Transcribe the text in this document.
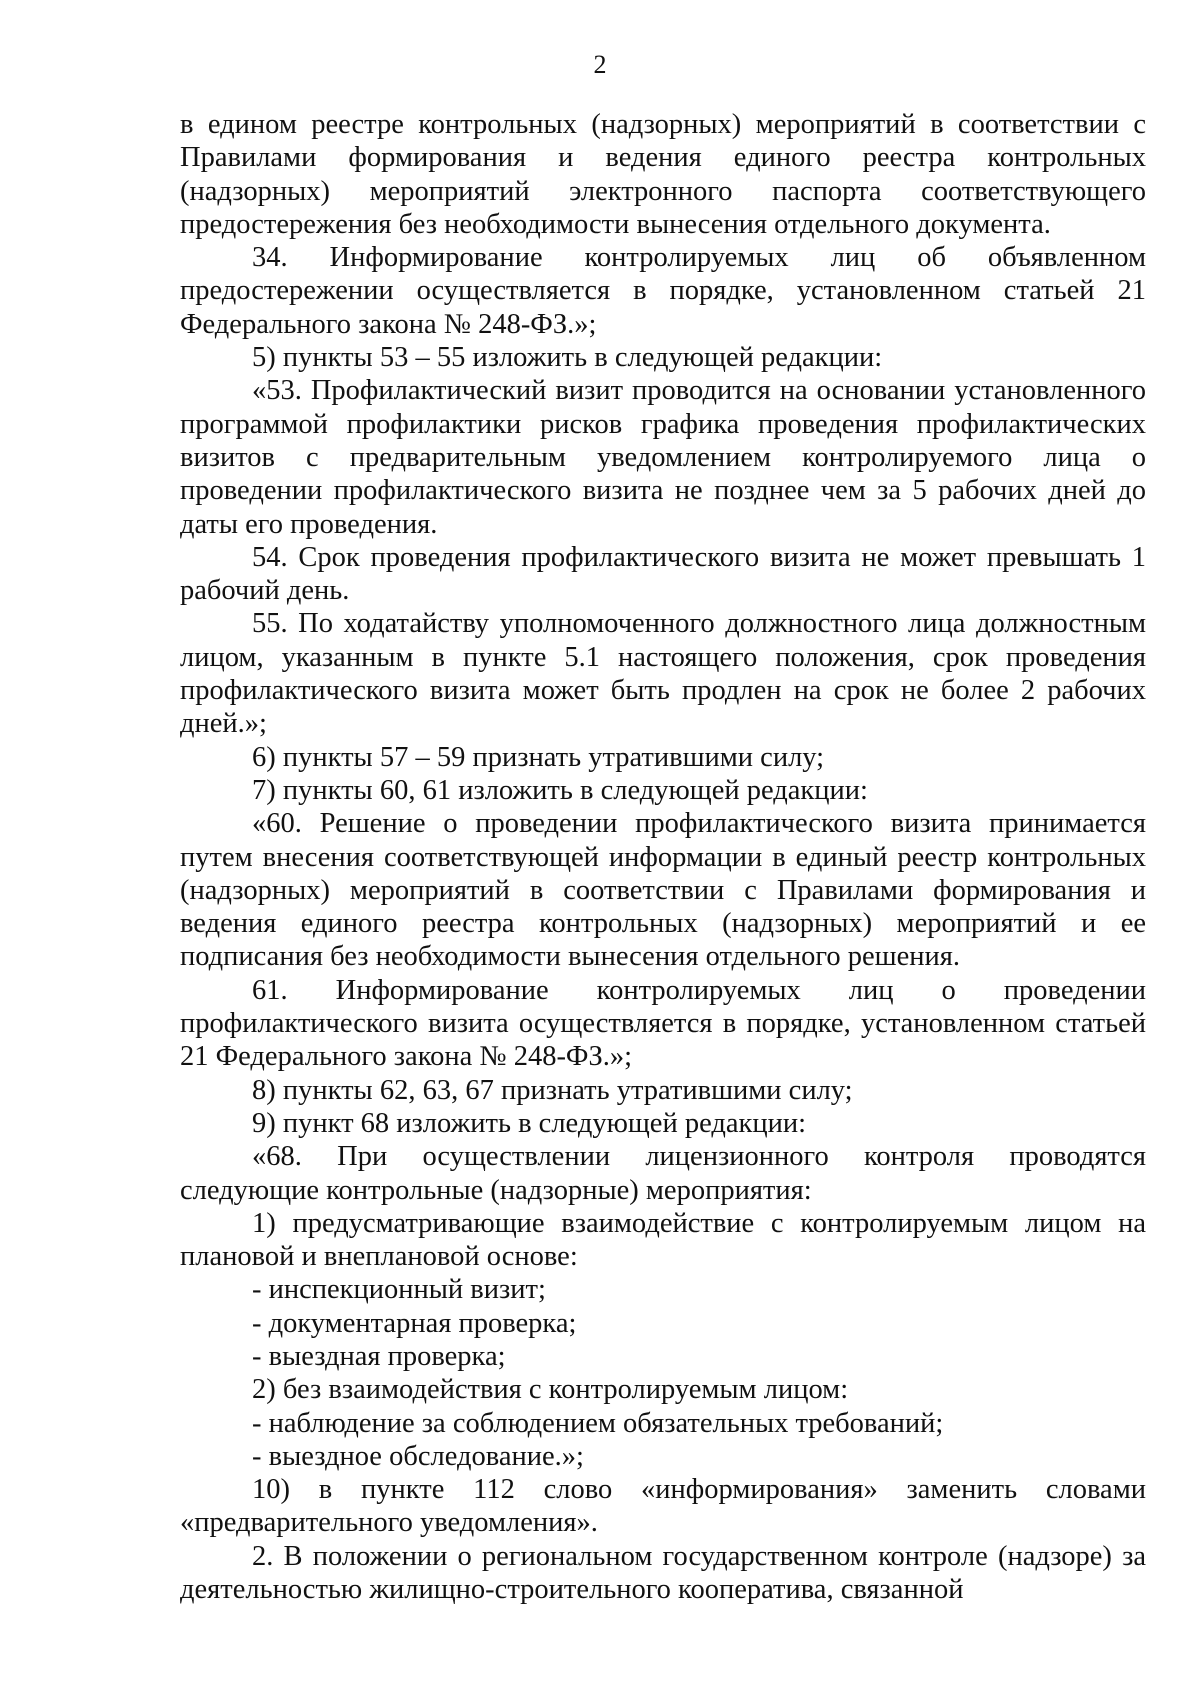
2

в едином реестре контрольных (надзорных) мероприятий в соответствии с Правилами формирования и ведения единого реестра контрольных (надзорных) мероприятий электронного паспорта соответствующего предостережения без необходимости вынесения отдельного документа.

34. Информирование контролируемых лиц об объявленном предостережении осуществляется в порядке, установленном статьей 21 Федерального закона № 248-ФЗ.»;

5) пункты 53 – 55 изложить в следующей редакции:

«53. Профилактический визит проводится на основании установленного программой профилактики рисков графика проведения профилактических визитов с предварительным уведомлением контролируемого лица о проведении профилактического визита не позднее чем за 5 рабочих дней до даты его проведения.

54. Срок проведения профилактического визита не может превышать 1 рабочий день.

55. По ходатайству уполномоченного должностного лица должностным лицом, указанным в пункте 5.1 настоящего положения, срок проведения профилактического визита может быть продлен на срок не более 2 рабочих дней.»;

6) пункты 57 – 59 признать утратившими силу;

7) пункты 60, 61 изложить в следующей редакции:

«60. Решение о проведении профилактического визита принимается путем внесения соответствующей информации в единый реестр контрольных (надзорных) мероприятий в соответствии с Правилами формирования и ведения единого реестра контрольных (надзорных) мероприятий и ее подписания без необходимости вынесения отдельного решения.

61. Информирование контролируемых лиц о проведении профилактического визита осуществляется в порядке, установленном статьей 21 Федерального закона № 248-ФЗ.»;

8) пункты 62, 63, 67 признать утратившими силу;

9) пункт 68 изложить в следующей редакции:

«68. При осуществлении лицензионного контроля проводятся следующие контрольные (надзорные) мероприятия:

1) предусматривающие взаимодействие с контролируемым лицом на плановой и внеплановой основе:

- инспекционный визит;

- документарная проверка;

- выездная проверка;

2) без взаимодействия с контролируемым лицом:

- наблюдение за соблюдением обязательных требований;

- выездное обследование.»;

10) в пункте 112 слово «информирования» заменить словами «предварительного уведомления».

2. В положении о региональном государственном контроле (надзоре) за деятельностью жилищно-строительного кооператива, связанной
